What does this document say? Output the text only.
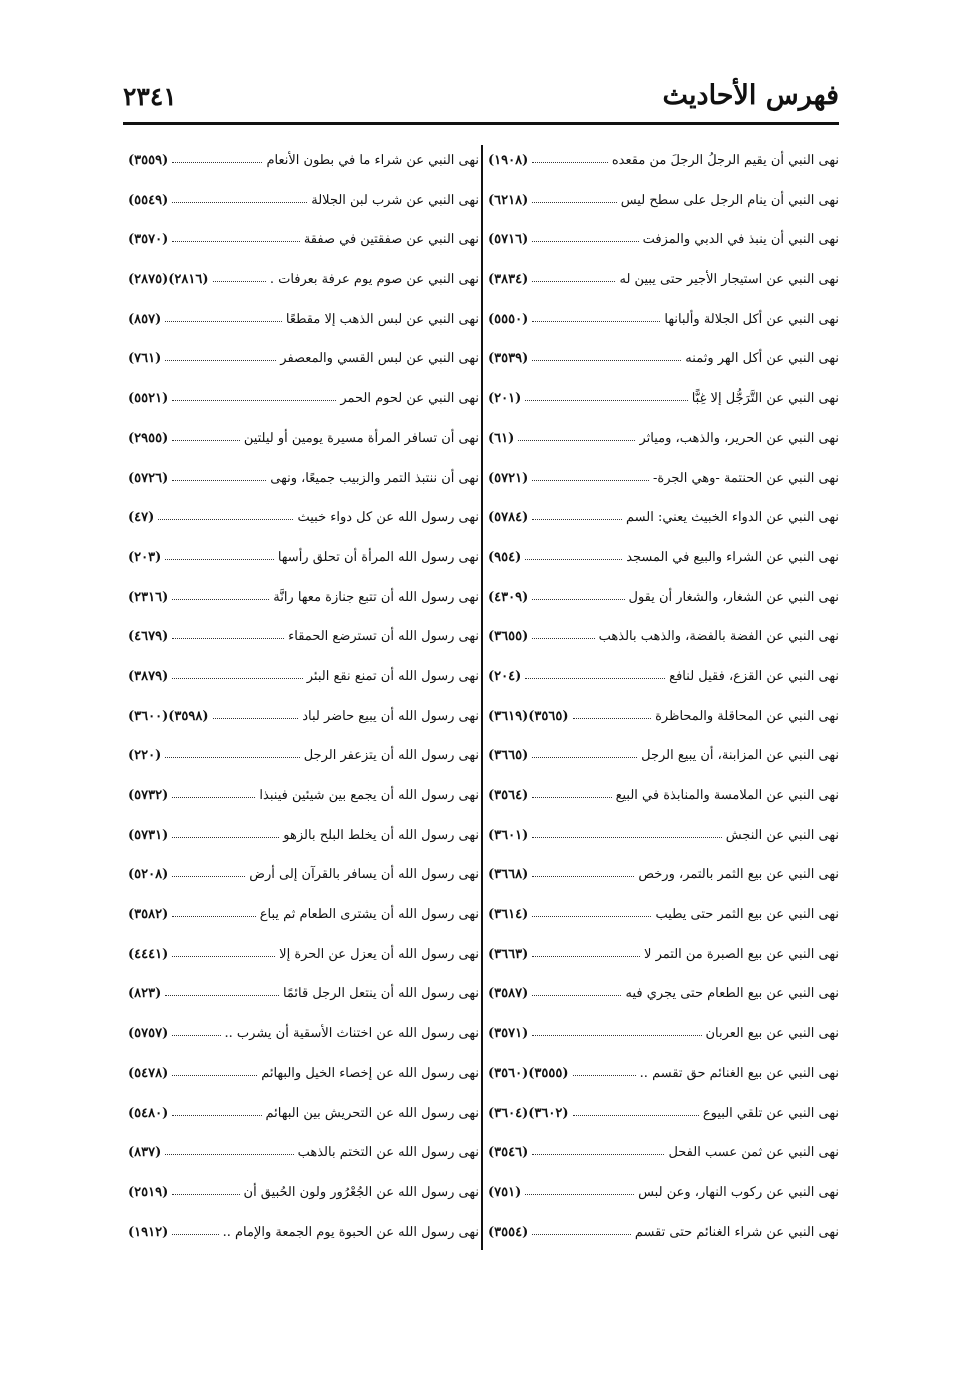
فهرس الأحاديث
٢٣٤١
نهى النبي أن يقيم الرجلُ الرجلَ من مقعده
(١٩٠٨)
نهى النبي أن ينام الرجل على سطح ليس
(٦٢١٨)
نهى النبي أن ينبذ في الدبي والمزفت
(٥٧١٦)
نهى النبي عن استيجار الأجير حتى يبين له
(٣٨٣٤)
نهى النبي عن أكل الجلالة وألبانها
(٥٥٥٠)
نهى النبي عن أكل الهر وثمنه
(٣٥٣٩)
نهى النبي عن التَّرَجُّل إلا غِبًّا
(٢٠١)
نهى النبي عن الحرير، والذهب، ومياثر
(٦١)
نهى النبي عن الحنتمة -وهي الجرة-
(٥٧٢١)
نهى النبي عن الدواء الخبيث يعني: السم
(٥٧٨٤)
نهى النبي عن الشراء والبيع في المسجد
(٩٥٤)
نهى النبي عن الشغار، والشغار أن يقول
(٤٣٠٩)
نهى النبي عن الفضة بالفضة، والذهب بالذهب
(٣٦٥٥)
نهى النبي عن القزع، فقيل لنافع
(٢٠٤)
نهى النبي عن المحاقلة والمحاظرة
(٣٥٦٥)(٣٦١٩)
نهى النبي عن المزابنة، أن يبيع الرجل
(٣٦٦٥)
نهى النبي عن الملامسة والمنابذة في البيع
(٣٥٦٤)
نهى النبي عن النجش
(٣٦٠١)
نهى النبي عن بيع الثمر بالتمر، ورخص
(٣٦٦٨)
نهى النبي عن بيع الثمر حتى يطيب
(٣٦١٤)
نهى النبي عن بيع الصبرة من التمر لا
(٣٦٦٣)
نهى النبي عن بيع الطعام حتى يجري فيه
(٣٥٨٧)
نهى النبي عن بيع العربان
(٣٥٧١)
نهى النبي عن بيع الغنائم حق تقسم ..
(٣٥٥٥)(٣٥٦٠)
نهى النبي عن تلقي البيوع
(٣٦٠٢)(٣٦٠٤)
نهى النبي عن ثمن عسب الفحل
(٣٥٤٦)
نهى النبي عن ركوب النهار، وعن لبس
(٧٥١)
نهى النبي عن شراء الغنائم حتى تقسم
(٣٥٥٤)
نهى النبي عن شراء ما في بطون الأنعام
(٣٥٥٩)
نهى النبي عن شرب لبن الجلالة
(٥٥٤٩)
نهى النبي عن صفقتين في صفقة
(٣٥٧٠)
نهى النبي عن صوم يوم عرفة بعرفات .
(٢٨١٦)(٢٨٧٥)
نهى النبي عن لبس الذهب إلا مقطعًا
(٨٥٧)
نهى النبي عن لبس القسي والمعصفر
(٧٦١)
نهى النبي عن لحوم الحمر
(٥٥٢١)
نهى أن تسافر المرأة مسيرة يومين أو ليلتين
(٢٩٥٥)
نهى أن ننتبذ التمر والزبيب جميعًا، ونهى
(٥٧٢٦)
نهى رسول الله عن كل دواء خبيث
(٤٧)
نهى رسول الله المرأة أن تحلق رأسها
(٢٠٣)
نهى رسول الله أن تتبع جنازة معها رانَّة
(٢٣١٦)
نهى رسول الله أن تسترضع الحمقاء
(٤٦٧٩)
نهى رسول الله أن تمنع نقع البئر
(٣٨٧٩)
نهى رسول الله أن يبيع حاضر لباد
(٣٥٩٨)(٣٦٠٠)
نهى رسول الله أن يتزعفر الرجل
(٢٢٠)
نهى رسول الله أن يجمع بين شيئين فينبذا
(٥٧٣٢)
نهى رسول الله أن يخلط البلح بالزهو
(٥٧٣١)
نهى رسول الله أن يسافر بالقرآن إلى أرض
(٥٢٠٨)
نهى رسول الله أن يشترى الطعام ثم يباع
(٣٥٨٢)
نهى رسول الله أن يعزل عن الحرة إلا
(٤٤٤١)
نهى رسول الله أن ينتعل الرجل قائمًا
(٨٢٣)
نهى رسول الله عن اختناث الأسقية أن يشرب ..
(٥٧٥٧)
نهى رسول الله عن إخصاء الخيل والبهائم
(٥٤٧٨)
نهى رسول الله عن التحريش بين البهائم
(٥٤٨٠)
نهى رسول الله عن التختم بالذهب
(٨٣٧)
نهى رسول الله عن الجُعْرُور ولون الحُبيق أن
(٢٥١٩)
نهى رسول الله عن الحبوة يوم الجمعة والإمام ..
(١٩١٢)
